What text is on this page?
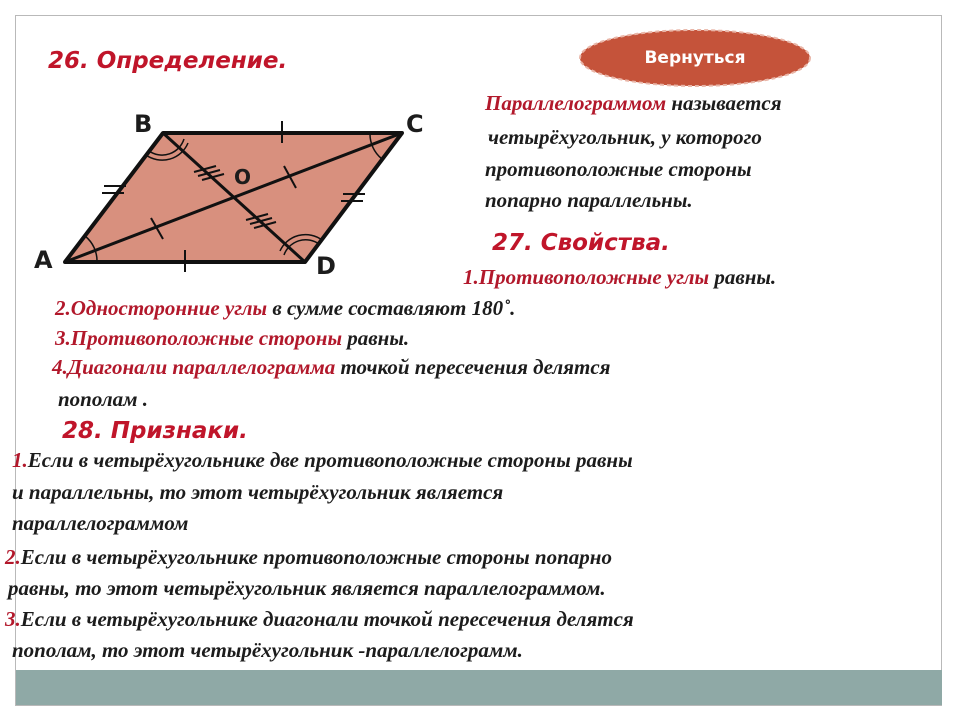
Вернуться
26. Определение.
Параллелограммом называется
четырёхугольник, у которого
противоположные стороны
попарно параллельны.
27. Свойства.
1.Противоположные углы равны.
2.Односторонние углы в сумме составляют 180˚.
3.Противоположные стороны равны.
4.Диагонали параллелограмма точкой пересечения делятся
пополам .
28. Признаки.
1.Если в четырёхугольнике две противоположные стороны равны
и параллельны, то этот четырёхугольник является
параллелограммом
2.Если в четырёхугольнике противоположные стороны попарно
равны, то этот четырёхугольник является параллелограммом.
3.Если в четырёхугольнике диагонали точкой пересечения делятся
пополам, то этот четырёхугольник -параллелограмм.
A
B	C
D
O
